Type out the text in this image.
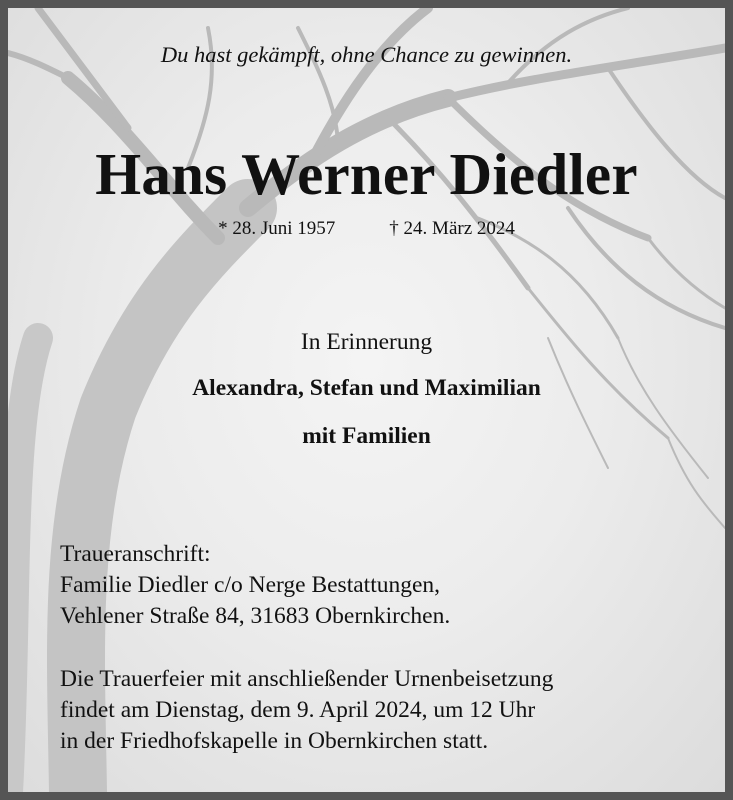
Du hast gekämpft, ohne Chance zu gewinnen.
Hans Werner Diedler
* 28. Juni 1957	† 24. März 2024
In Erinnerung
Alexandra, Stefan und Maximilian
mit Familien
Traueranschrift:
Familie Diedler c/o Nerge Bestattungen,
Vehlener Straße 84, 31683 Obernkirchen.
Die Trauerfeier mit anschließender Urnenbeisetzung
findet am Dienstag, dem 9. April 2024, um 12 Uhr
in der Friedhofskapelle in Obernkirchen statt.
